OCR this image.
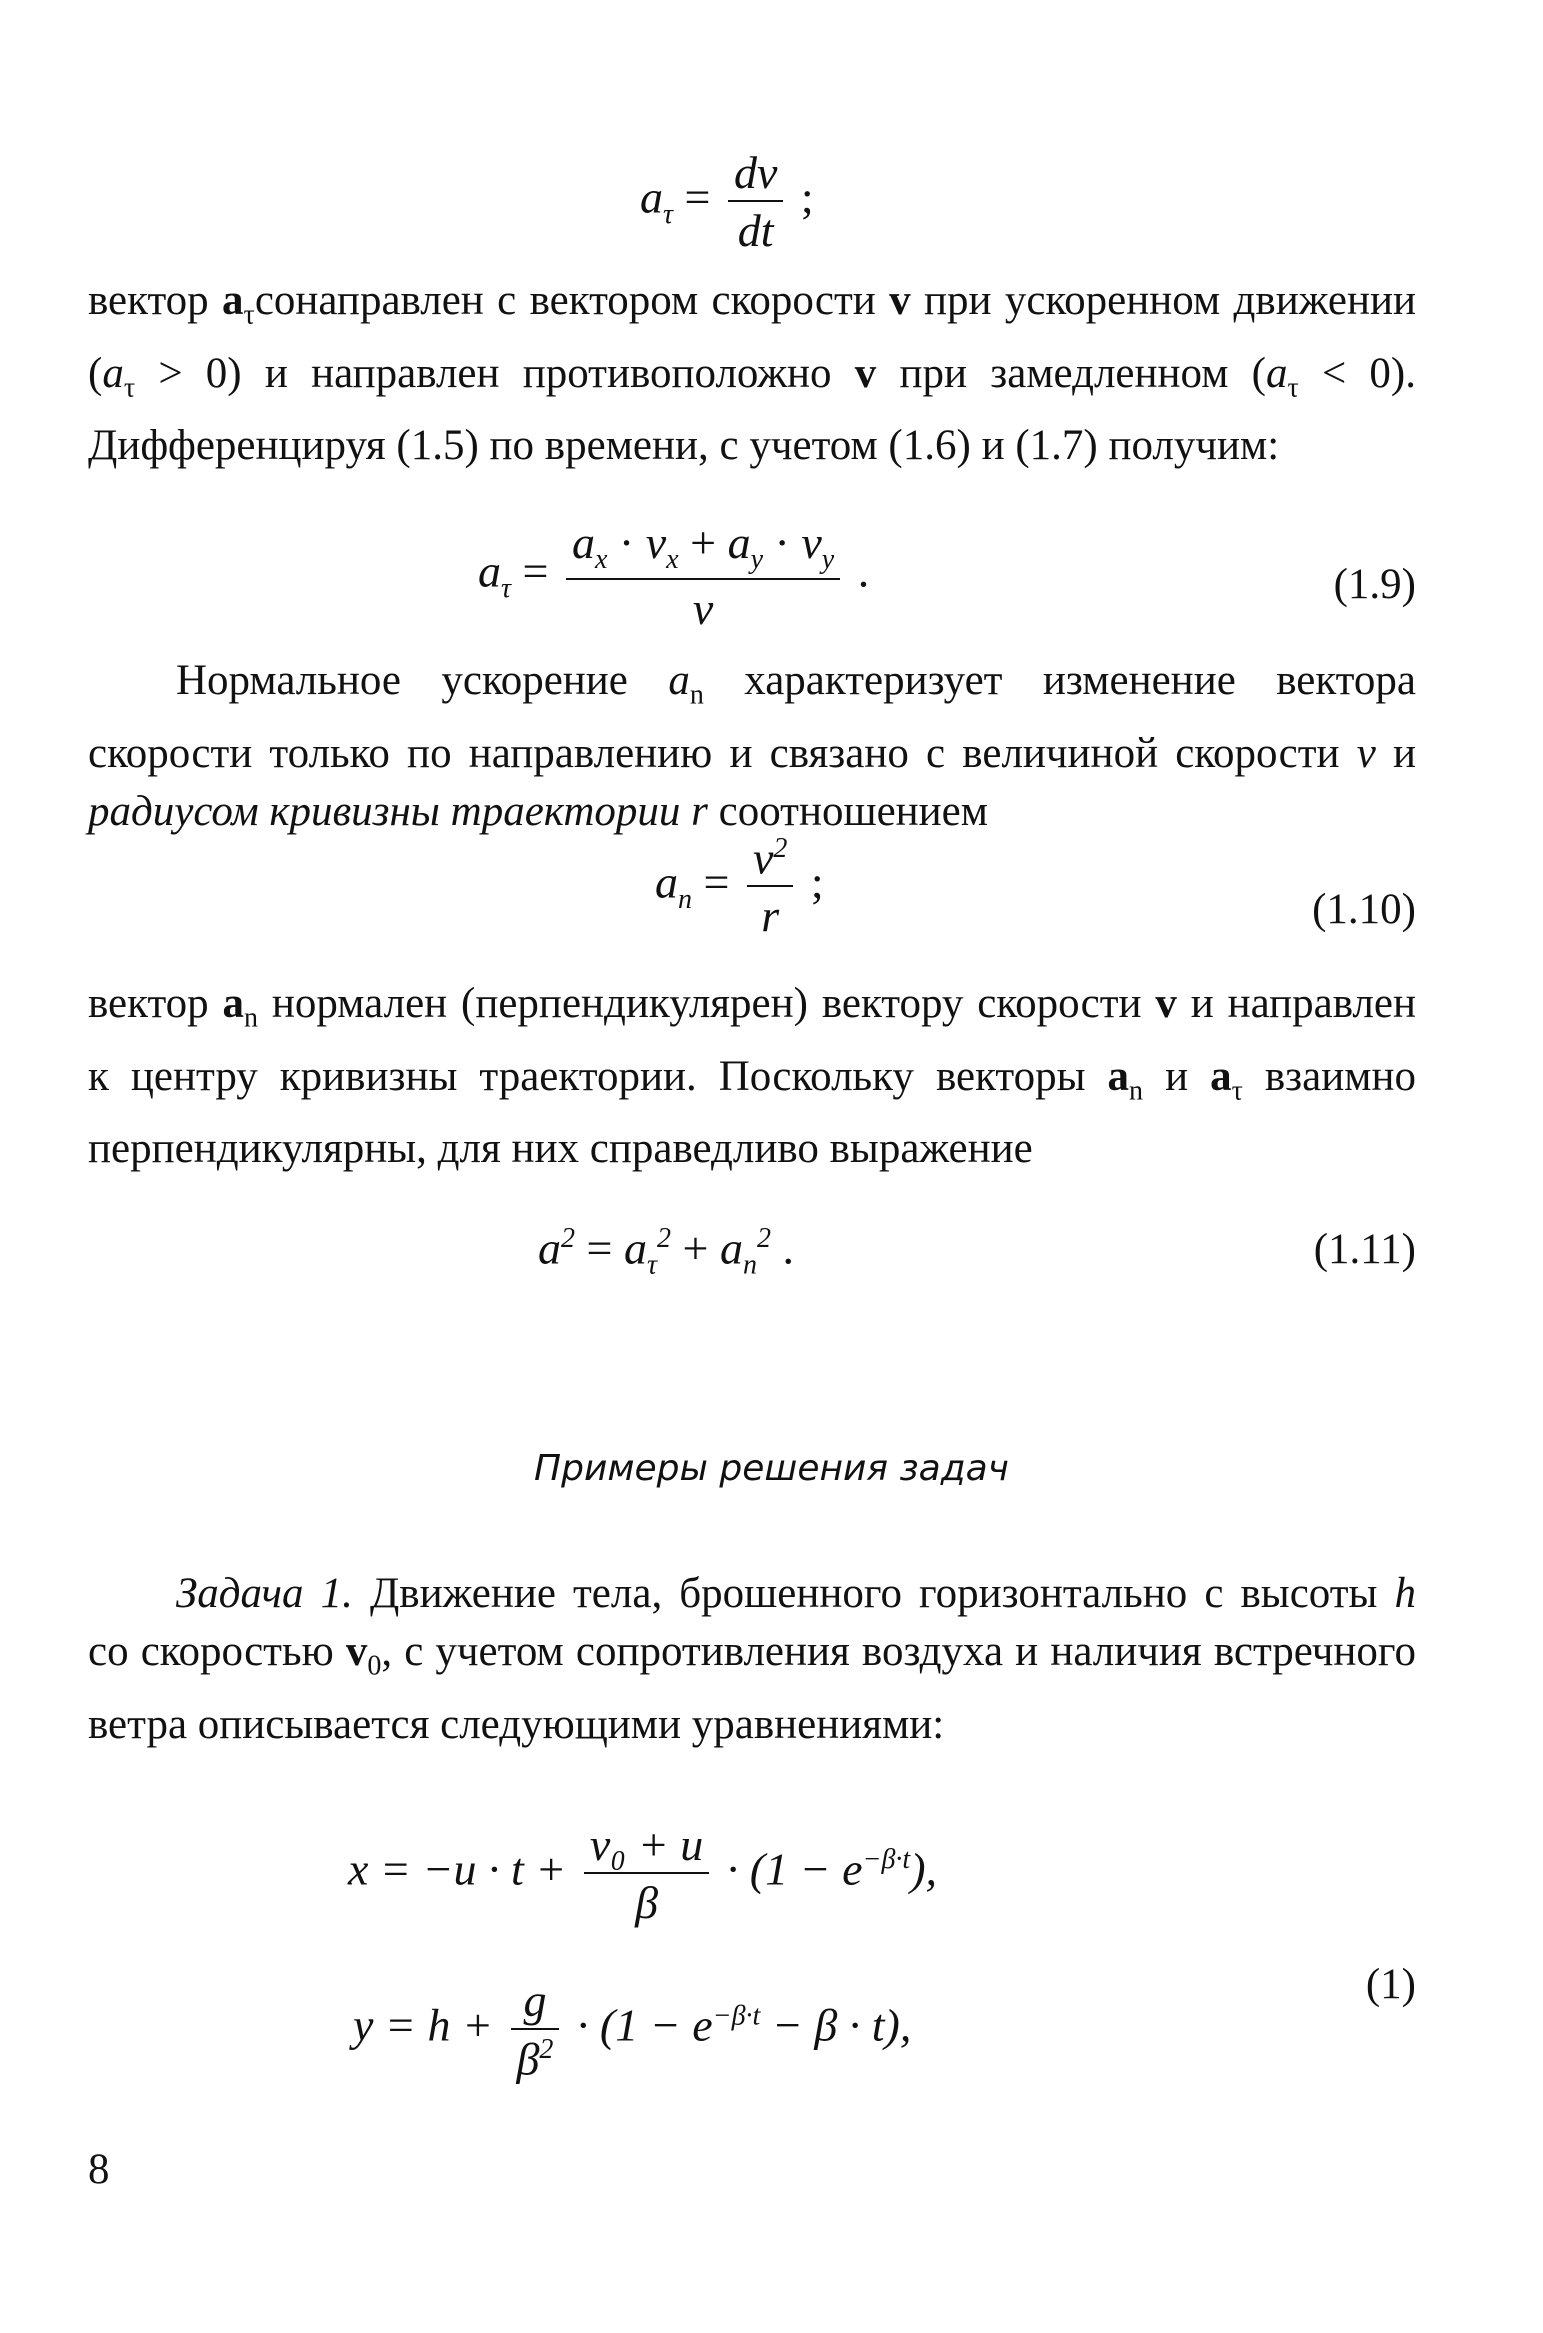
$a_\tau = \frac{dv}{dt}$ ;
вектор $a_\tau сонаправлен$ с вектором скорости v при ускоренном движении $(a_\tau > 0)$ и направлен противоположно v при замедленном $(a_\tau < 0)$. Дифференцируя (1.5) по времени, с учетом (1.6) и (1.7) получим:
$a_\tau$ =
$a_x \cdot v_x + a_y \cdot v_y$
v
.	(1.9)
Нормальное ускорение $a_n$ характеризует изменение вектора скорости только по направлению и связано с величиной скорости v и радиусом кривизны траектории r соотношением
$a_n = \frac{v^2}{r}$ ;
(1.10)
вектор $a_n$ нормален (перпендикулярен) вектору скорости v и направлен к центру кривизны траектории. Поскольку векторы $a_n$ и $a_\tau$ взаимно перпендикулярны, для них справедливо выражение
$a^2 = a_\tau^2 + a_n^2$ .	(1.11)
Примеры решения задач
Задача 1. Движение тела, брошенного горизонтально с высоты h со скоростью $v_0$, с учетом сопротивления воздуха и наличия встречного ветра описывается следующими уравнениями:
$x = -u \cdot t + \frac{\text{v₀ + u}}{\beta} \cdot (1 - e^{-\beta\cdot t})$,
$y = h + \frac{g}{\beta^2} \cdot (1 - e^{-\beta\cdot t} - \beta \cdot t)$,
(1)
8
